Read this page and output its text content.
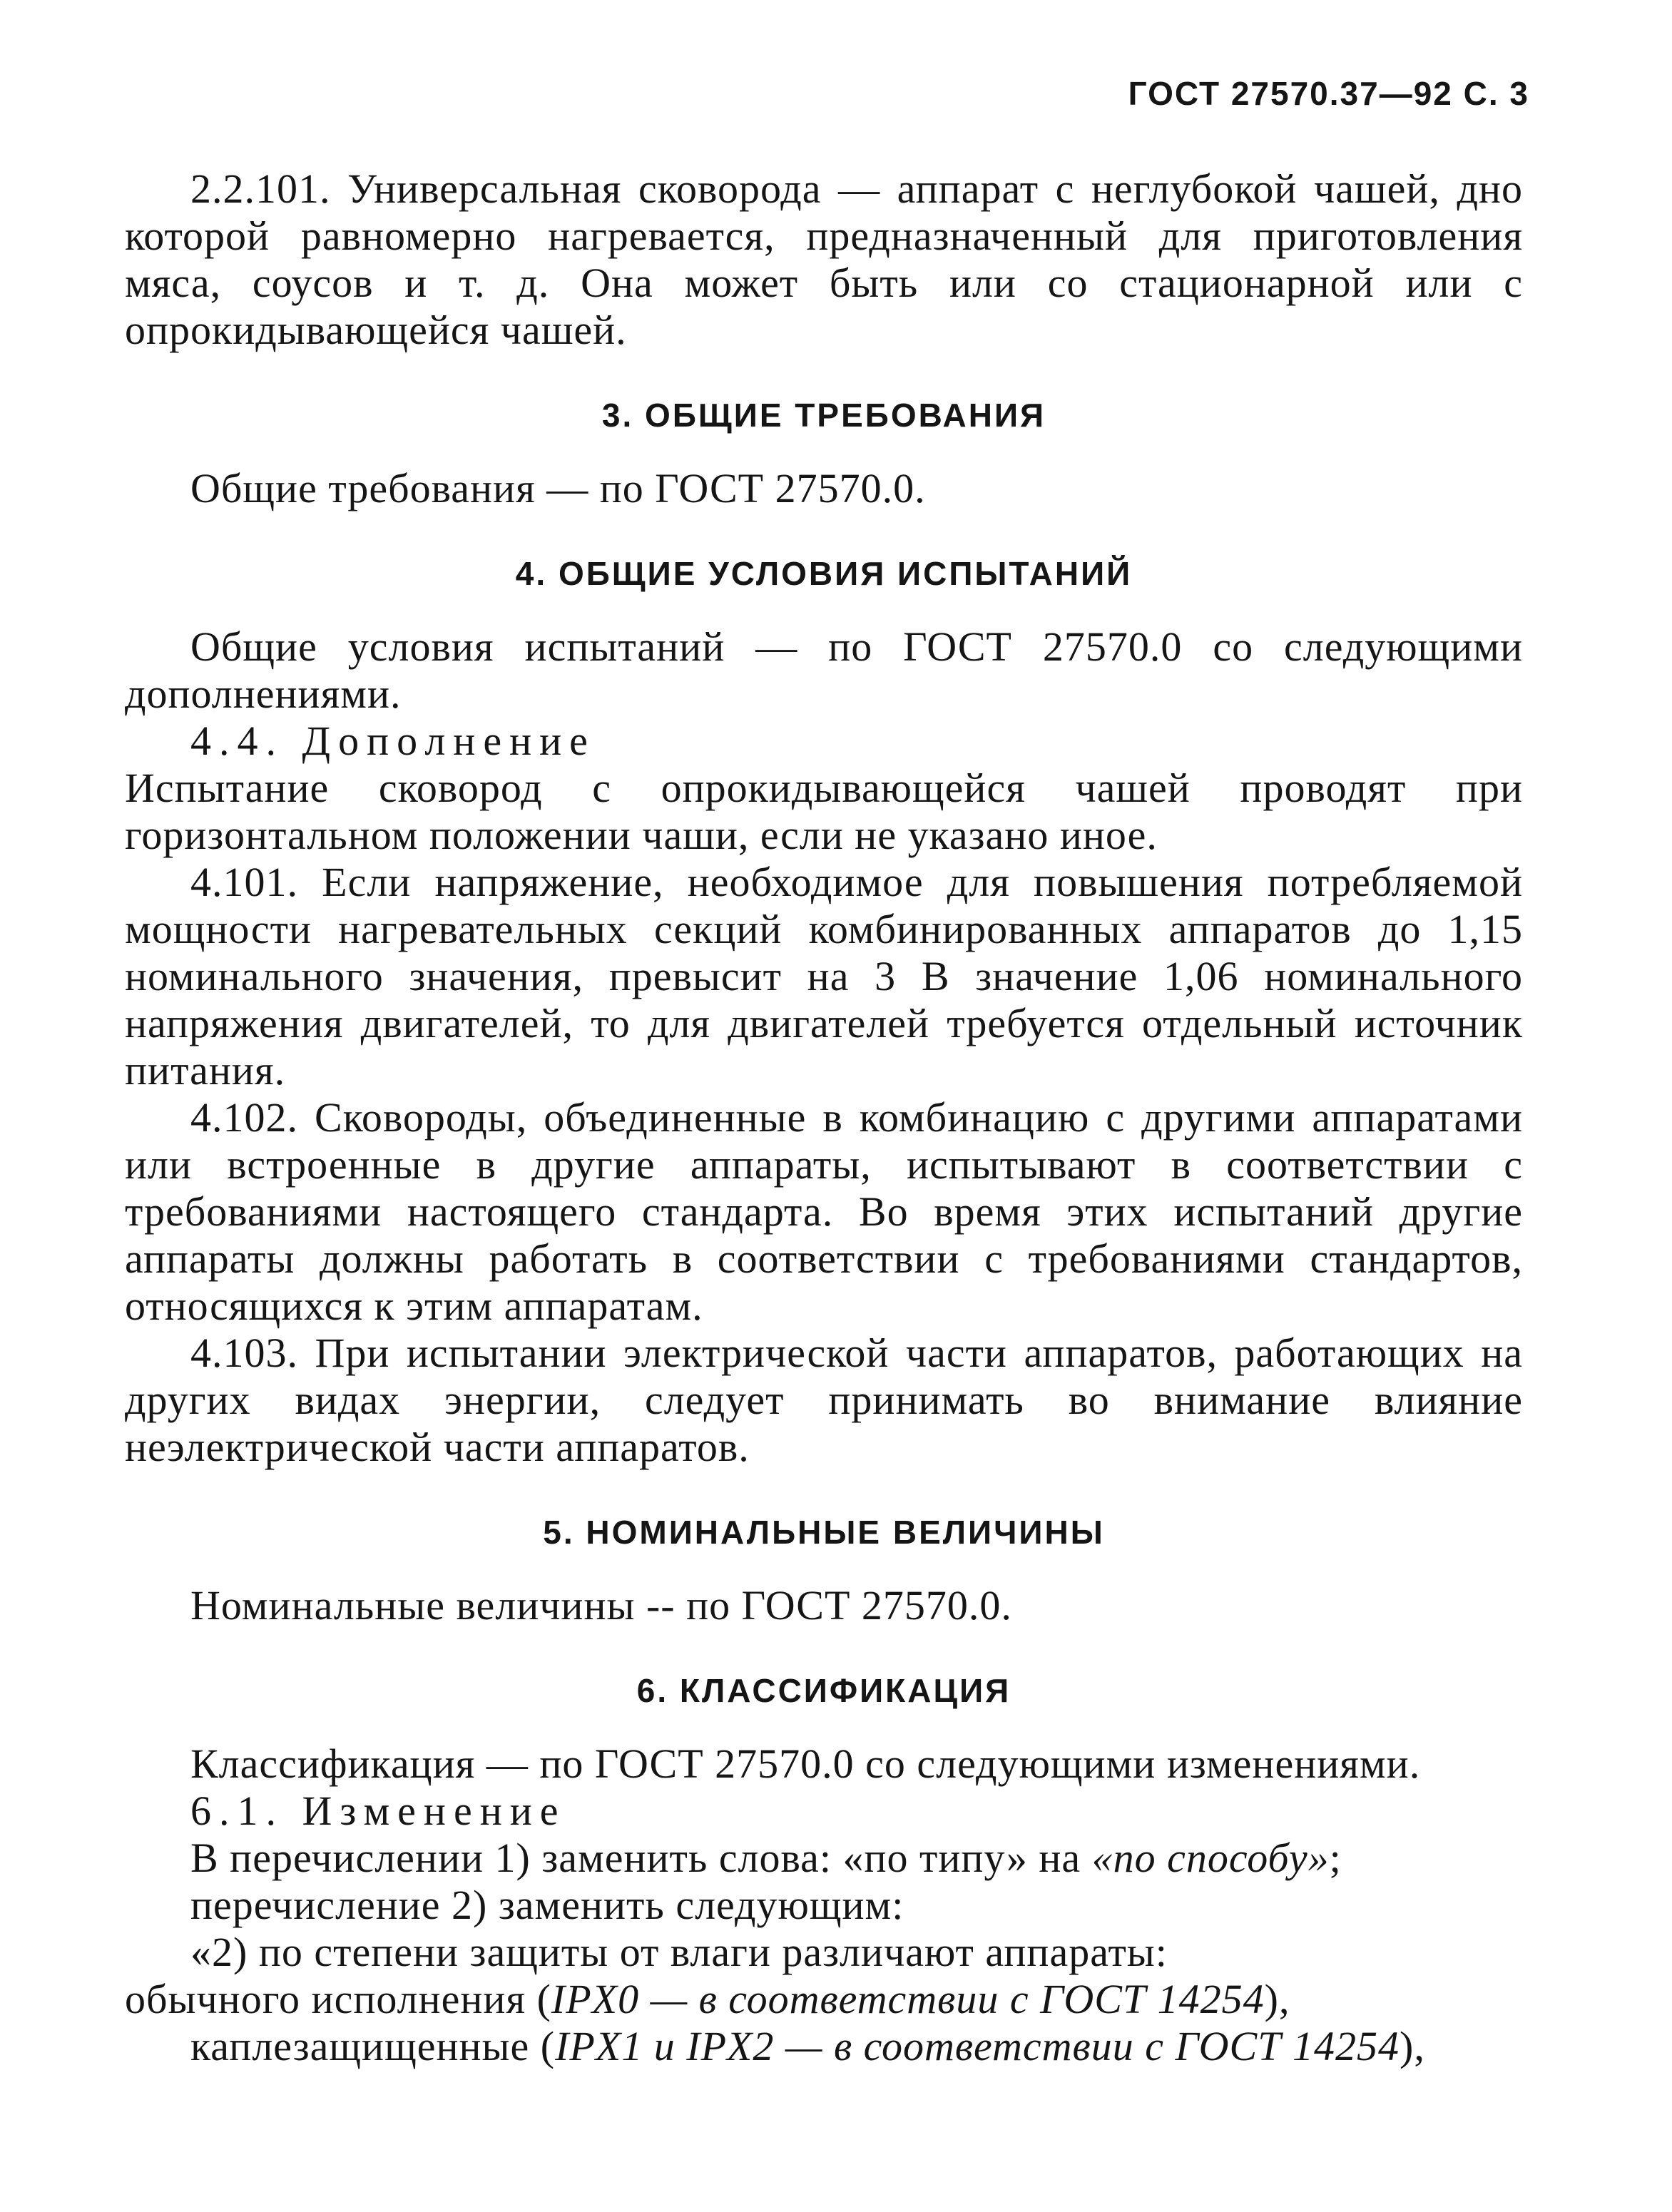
ГОСТ 27570.37—92 С. 3

2.2.101. Универсальная сковорода — аппарат с неглубокой чашей, дно которой равномерно нагревается, предназначенный для приготовления мяса, соусов и т. д. Она может быть или со стационарной или с опрокидывающейся чашей.

3. ОБЩИЕ ТРЕБОВАНИЯ

Общие требования — по ГОСТ 27570.0.

4. ОБЩИЕ УСЛОВИЯ ИСПЫТАНИЙ

Общие условия испытаний — по ГОСТ 27570.0 со следующими дополнениями.

4.4. Дополнение

Испытание сковород с опрокидывающейся чашей проводят при горизонтальном положении чаши, если не указано иное.

4.101. Если напряжение, необходимое для повышения потребляемой мощности нагревательных секций комбинированных аппаратов до 1,15 номинального значения, превысит на 3 В значение 1,06 номинального напряжения двигателей, то для двигателей требуется отдельный источник питания.

4.102. Сковороды, объединенные в комбинацию с другими аппаратами или встроенные в другие аппараты, испытывают в соответствии с требованиями настоящего стандарта. Во время этих испытаний другие аппараты должны работать в соответствии с требованиями стандартов, относящихся к этим аппаратам.

4.103. При испытании электрической части аппаратов, работающих на других видах энергии, следует принимать во внимание влияние неэлектрической части аппаратов.

5. НОМИНАЛЬНЫЕ ВЕЛИЧИНЫ

Номинальные величины -- по ГОСТ 27570.0.

6. КЛАССИФИКАЦИЯ

Классификация — по ГОСТ 27570.0 со следующими изменениями.

6.1. Изменение

В перечислении 1) заменить слова: «по типу» на «по способу»;

перечисление 2) заменить следующим:

«2) по степени защиты от влаги различают аппараты:

обычного исполнения (IPX0 — в соответствии с ГОСТ 14254),

каплезащищенные (IPX1 и IPX2 — в соответствии с ГОСТ 14254),
